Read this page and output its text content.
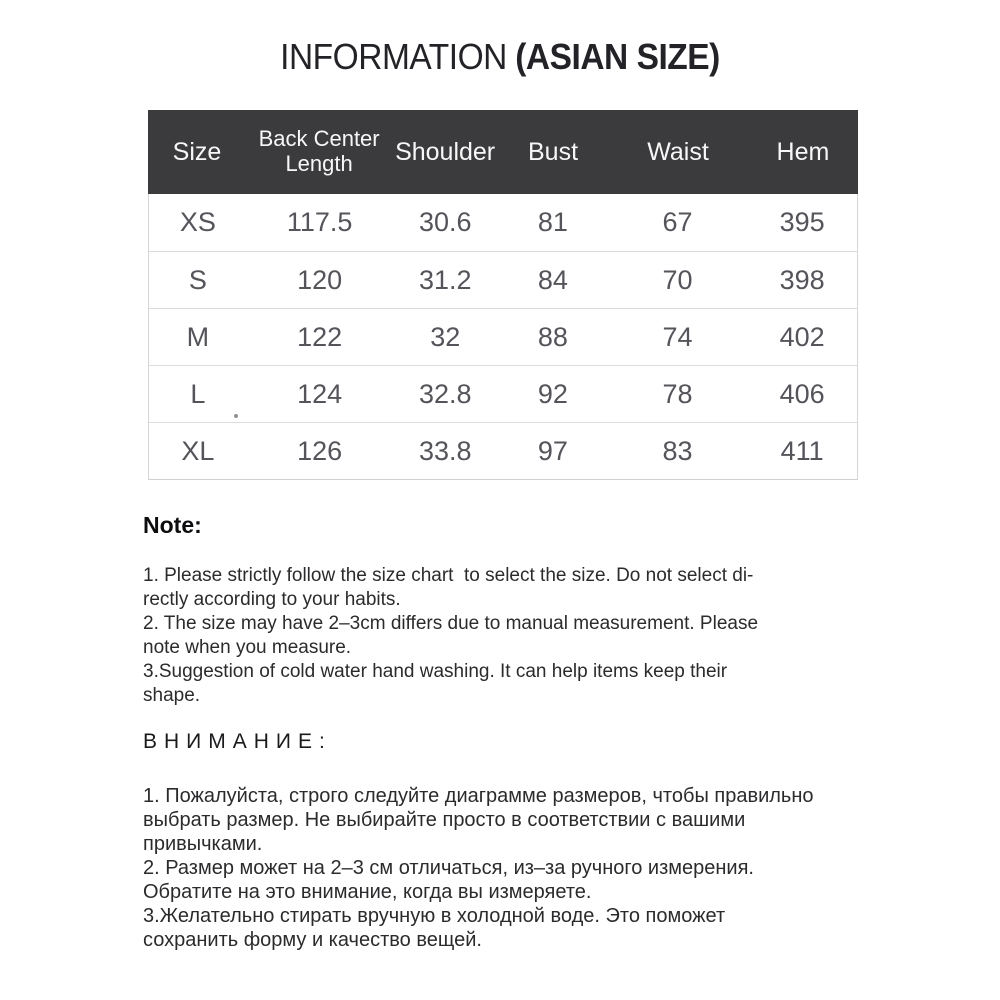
INFORMATION (ASIAN SIZE)
Size	Back Center Length	Shoulder	Bust	Waist	Hem
XS	117.5	30.6	81	67	395
S	120	31.2	84	70	398
M	122	32	88	74	402
L	124	32.8	92	78	406
XL	126	33.8	97	83	411
Note:
1. Please strictly follow the size chart  to select the size. Do not select di-
rectly according to your habits.
2. The size may have 2–3cm differs due to manual measurement. Please
note when you measure.
3.Suggestion of cold water hand washing. It can help items keep their
shape.
ВНИМАНИЕ:
1. Пожалуйста, строго следуйте диаграмме размеров, чтобы правильно
выбрать размер. Не выбирайте просто в соответствии с вашими
привычками.
2. Размер может на 2–3 см отличаться, из–за ручного измерения.
Обратите на это внимание, когда вы измеряете.
3.Желательно стирать вручную в холодной воде. Это поможет
сохранить форму и качество вещей.
